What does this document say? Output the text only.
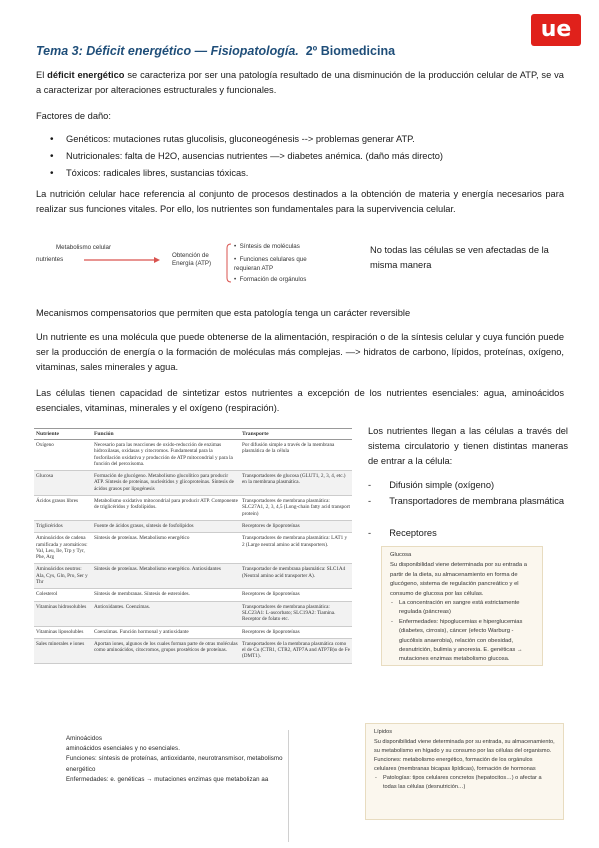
ue
Tema 3: Déficit energético — Fisiopatología. 2º Biomedicina

El déficit energético se caracteriza por ser una patología resultado de una disminución de la producción celular de ATP, se va a caracterizar por alteraciones estructurales y funcionales.

Factores de daño:

• Genéticos: mutaciones rutas glucolisis, gluconeogénesis --> problemas generar ATP.
• Nutricionales: falta de H2O, ausencias nutrientes —> diabetes anémica. (daño más directo)
• Tóxicos: radicales libres, sustancias tóxicas.

La nutrición celular hace referencia al conjunto de procesos destinados a la obtención de materia y energía necesarios para realizar sus funciones vitales. Por ello, los nutrientes son fundamentales para la supervivencia celular.

nutrientes
Metabolismo celular
Obtención de
Energía (ATP)
•  Síntesis de moléculas
•  Funciones celulares que requieran ATP
•  Formación de orgánulos

No todas las células se ven afectadas de la misma manera

Mecanismos compensatorios que permiten que esta patología tenga un carácter reversible

Un nutriente es una molécula que puede obtenerse de la alimentación, respiración o de la síntesis celular y cuya función puede ser la producción de energía o la formación de moléculas más complejas. —> hidratos de carbono, lípidos, proteínas, oxígeno, vitaminas, sales minerales y agua.

Las células tienen capacidad de sintetizar estos nutrientes a excepción de los nutrientes esenciales: agua, aminoácidos esenciales, vitaminas, minerales y el oxígeno (respiración).

Nutriente	Función	Transporte
Oxígeno	Necesario para las reacciones de oxido-reducción de enzimas hidroxilasas, oxidasas y citocromos. Fundamental para la fosforilación oxidativa y producción de ATP mitocondrial y para la función del peroxisoma.	Por difusión simple a través de la membrana plasmática de la célula
Glucosa	Formación de glucógeno. Metabolismo glucolítico para producir ATP. Síntesis de proteínas, nucleótidos y glicoproteínas. Síntesis de ácidos grasos por lipogénesis	Transportadores de glucosa (GLUT1, 2, 3, 4, etc.) en la membrana plasmática.
Ácidos grasos libres	Metabolismo oxidativo mitocondrial para producir ATP. Componente de triglicéridos y fosfolípidos.	Transportadores de membrana plasmática: SLC27A1, 2, 3, 4,5 (Long-chain fatty acid transport protein)
Triglicéridos	Fuente de ácidos grasos, síntesis de fosfolípidos	Receptores de lipoproteínas
Aminoácidos de cadena ramificada y aromáticos: Val, Leu, Ile, Trp y Tyr, Phe, Arg	Síntesis de proteínas. Metabolismo energético	Transportadores de membrana plasmática: LAT1 y 2 (Large neutral amino acid transporters).
Aminoácidos neutros: Ala, Cys, Gln, Pro, Ser y Thr	Síntesis de proteínas. Metabolismo energético. Antioxidantes	Transportador de membrana plasmática: SLC1A4 (Neutral amino acid transporter A).
Colesterol	Síntesis de membranas. Síntesis de esteroides.	Receptores de lipoproteínas
Vitaminas hidrosolubles	Antioxidantes. Coenzimas.	Transportadores de membrana plasmática: SLC23A1: L-ascorbato; SLC19A2: Tiamina. Receptor de folato etc.
Vitaminas liposolubles	Coenzimas. Función hormonal y antioxidante	Receptores de lipoproteínas
Sales minerales e iones	Aportan iones, algunos de los cuales forman parte de otras moléculas como aminoácidos, citocromos, grupos prostéticos de proteínas.	Transportadores de la membrana plasmática como el de Cu (CTR1, CTR2, ATP7A and ATP7B)o de Fe (DMT1).

Los nutrientes llegan a las células a través del sistema circulatorio y tienen distintas maneras de entrar a la célula:

-       Difusión simple (oxígeno)
-       Transportadores de membrana plasmática
-       Receptores
Glucosa
Su disponibilidad viene determinada por su entrada a partir de la dieta, su almacenamiento en forma de glucógeno, sistema de regulación pancreático y el consumo de glucosa por las células.
- La concentración en sangre está estrictamente regulada (páncreas)
- Enfermedades: hipoglucemias e hiperglucemias (diabetes, cirrosis), cáncer (efecto Warburg - glucólisis anaerobia), relación con obesidad, desnutrición, bulimia y anorexia. E. genéticas → mutaciones enzimas metabolismo glucosa.
Lípidos
Su disponibilidad viene determinada por su entrada, su almacenamiento, su metabolismo en hígado y su consumo por las células del organismo.
Funciones: metabolismo energético, formación de los orgánulos celulares (membranas bicapas lipídicas), formación de hormonas
- Patologías: tipos celulares concretos (hepatocitos…) o afectar a todas las células (desnutrición…)
Aminoácidos
aminoácidos esenciales y no esenciales.
Funciones: síntesis de proteínas, antioxidante, neurotransmisor, metabolismo energético
Enfermedades: e. genéticas → mutaciones enzimas que metabolizan aa
